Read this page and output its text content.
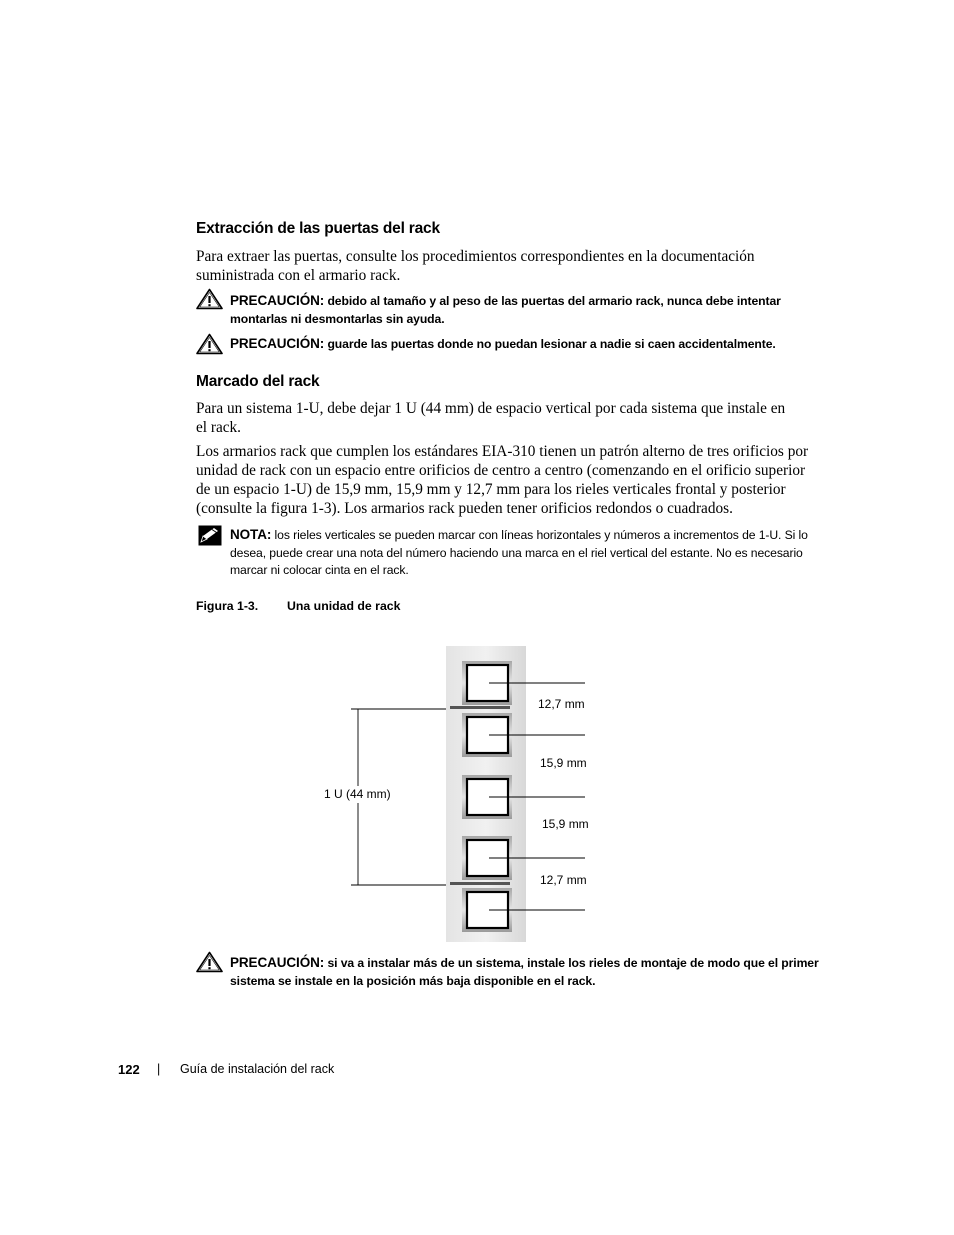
Extracción de las puertas del rack
Para extraer las puertas, consulte los procedimientos correspondientes en la documentación suministrada con el armario rack.
PRECAUCIÓN: debido al tamaño y al peso de las puertas del armario rack, nunca debe intentar montarlas ni desmontarlas sin ayuda.
PRECAUCIÓN: guarde las puertas donde no puedan lesionar a nadie si caen accidentalmente.
Marcado del rack
Para un sistema 1-U, debe dejar 1 U (44 mm) de espacio vertical por cada sistema que instale en el rack.
Los armarios rack que cumplen los estándares EIA-310 tienen un patrón alterno de tres orificios por unidad de rack con un espacio entre orificios de centro a centro (comenzando en el orificio superior de un espacio 1-U) de 15,9 mm, 15,9 mm y 12,7 mm para los rieles verticales frontal y posterior (consulte la figura 1-3). Los armarios rack pueden tener orificios redondos o cuadrados.
NOTA: los rieles verticales se pueden marcar con líneas horizontales y números a incrementos de 1-U. Si lo desea, puede crear una nota del número haciendo una marca en el riel vertical del estante. No es necesario marcar ni colocar cinta en el rack.
Figura 1-3. Una unidad de rack
1 U (44 mm)
12,7 mm
15,9 mm
15,9 mm
12,7 mm
PRECAUCIÓN: si va a instalar más de un sistema, instale los rieles de montaje de modo que el primer sistema se instale en la posición más baja disponible en el rack.
122 | Guía de instalación del rack
